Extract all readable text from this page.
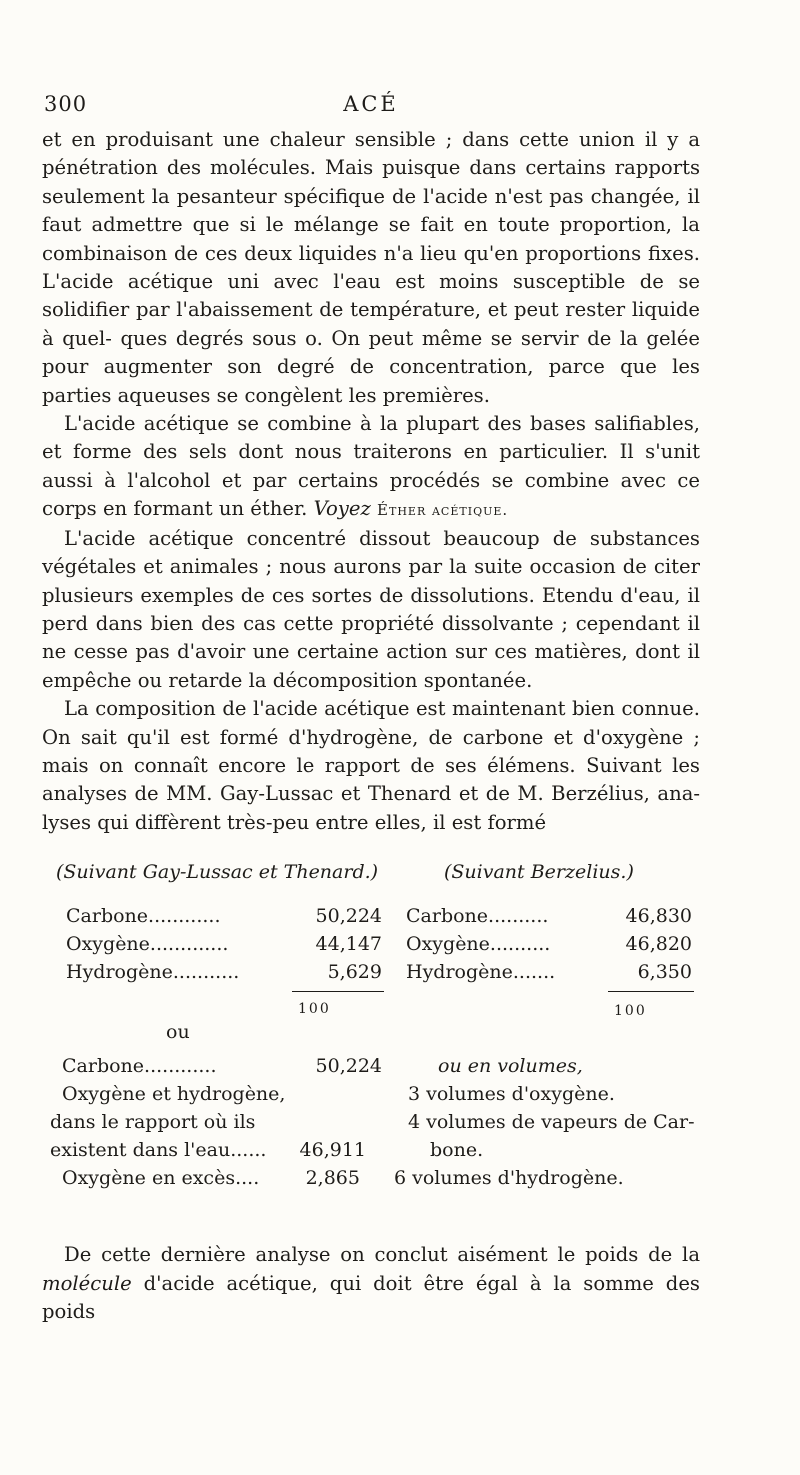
300	ACÉ

et en produisant une chaleur sensible ; dans cette union il y a pénétration des molécules. Mais puisque dans certains rapports seulement la pesanteur spécifique de l'acide n'est pas changée, il faut admettre que si le mélange se fait en toute proportion, la combinaison de ces deux liquides n'a lieu qu'en proportions fixes. L'acide acétique uni avec l'eau est moins susceptible de se solidifier par l'abaissement de température, et peut rester liquide à quel- ques degrés sous o. On peut même se servir de la gelée pour augmenter son degré de concentration, parce que les parties aqueuses se congèlent les premières.

L'acide acétique se combine à la plupart des bases salifiables, et forme des sels dont nous traiterons en particulier. Il s'unit aussi à l'alcohol et par certains procédés se combine avec ce corps en formant un éther. Voyez Éther acétique.

L'acide acétique concentré dissout beaucoup de substances végétales et animales ; nous aurons par la suite occasion de citer plusieurs exemples de ces sortes de dissolutions. Etendu d'eau, il perd dans bien des cas cette propriété dissolvante ; cependant il ne cesse pas d'avoir une certaine action sur ces matières, dont il empêche ou retarde la décomposition spontanée.

La composition de l'acide acétique est maintenant bien connue. On sait qu'il est formé d'hydrogène, de carbone et d'oxygène ; mais on connaît encore le rapport de ses élémens. Suivant les analyses de MM. Gay-Lussac et Thenard et de M. Berzélius, ana- lyses qui diffèrent très-peu entre elles, il est formé

(Suivant Gay-Lussac et Thenard.)	(Suivant Berzelius.)
Carbone............	50,224
Oxygène.............	44,147
Hydrogène...........	5,629
Carbone..........	46,830
Oxygène..........	46,820
Hydrogène.......	6,350
100	100
ou
Carbone............	50,224
Oxygène et hydrogène,
dans le rapport où ils
existent dans l'eau......	46,911
Oxygène en excès....	2,865
ou en volumes,
3 volumes d'oxygène.
4 volumes de vapeurs de Car-
bone.
6 volumes d'hydrogène.

De cette dernière analyse on conclut aisément le poids de la molécule d'acide acétique, qui doit être égal à la somme des poids
